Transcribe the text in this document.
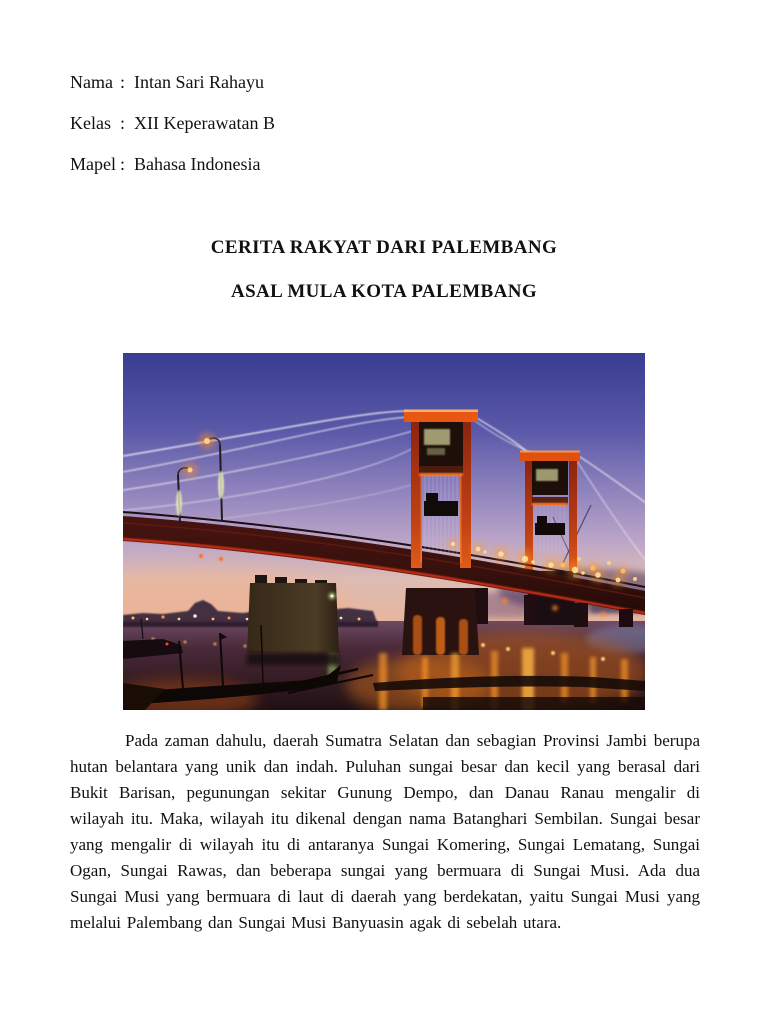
Nama : Intan Sari Rahayu
Kelas : XII Keperawatan B
Mapel : Bahasa Indonesia
CERITA RAKYAT DARI PALEMBANG
ASAL MULA KOTA PALEMBANG

Pada zaman dahulu, daerah Sumatra Selatan dan sebagian Provinsi Jambi berupa hutan belantara yang unik dan indah. Puluhan sungai besar dan kecil yang berasal dari Bukit Barisan, pegunungan sekitar Gunung Dempo, dan Danau Ranau mengalir di wilayah itu. Maka, wilayah itu dikenal dengan nama Batanghari Sembilan. Sungai besar yang mengalir di wilayah itu di antaranya Sungai Komering, Sungai Lematang, Sungai Ogan, Sungai Rawas, dan beberapa sungai yang bermuara di Sungai Musi. Ada dua Sungai Musi yang bermuara di laut di daerah yang berdekatan, yaitu Sungai Musi yang melalui Palembang dan Sungai Musi Banyuasin agak di sebelah utara.
